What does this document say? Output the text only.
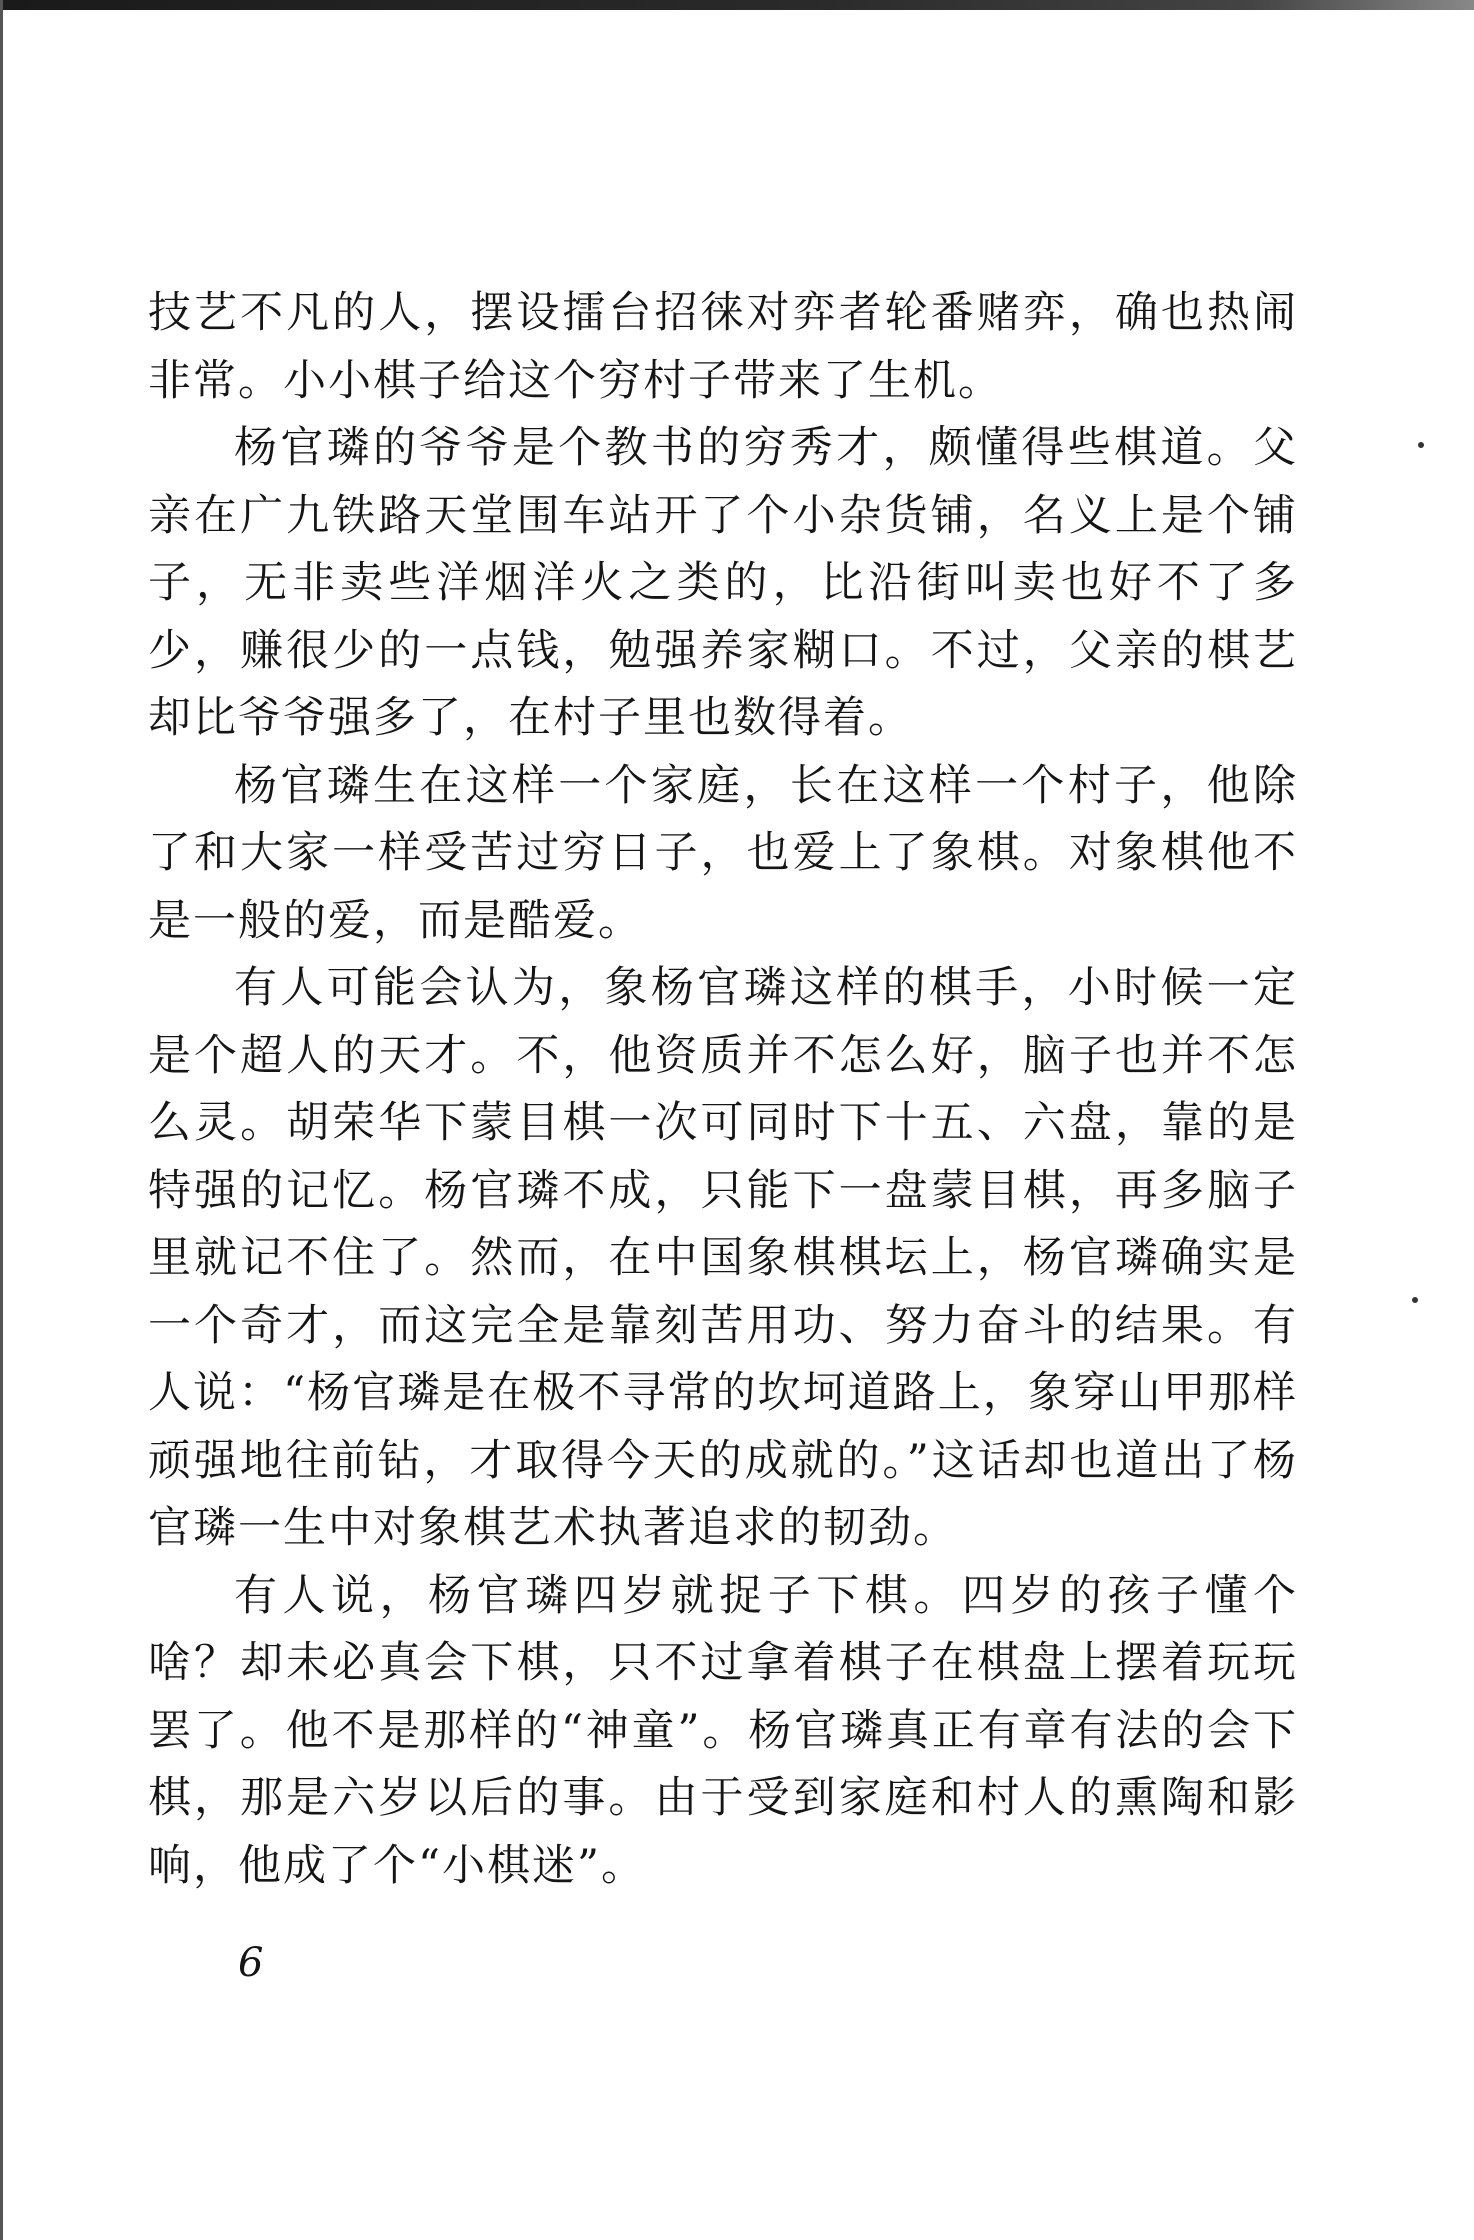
技艺不凡的人，摆设擂台招徕对弈者轮番赌弈，确也热闹非常。小小棋子给这个穷村子带来了生机。

杨官璘的爷爷是个教书的穷秀才，颇懂得些棋道。父亲在广九铁路天堂围车站开了个小杂货铺，名义上是个铺子，无非卖些洋烟洋火之类的，比沿街叫卖也好不了多少，赚很少的一点钱，勉强养家糊口。不过，父亲的棋艺却比爷爷强多了，在村子里也数得着。

杨官璘生在这样一个家庭，长在这样一个村子，他除了和大家一样受苦过穷日子，也爱上了象棋。对象棋他不是一般的爱，而是酷爱。

有人可能会认为，象杨官璘这样的棋手，小时候一定是个超人的天才。不，他资质并不怎么好，脑子也并不怎么灵。胡荣华下蒙目棋一次可同时下十五、六盘，靠的是特强的记忆。杨官璘不成，只能下一盘蒙目棋，再多脑子里就记不住了。然而，在中国象棋棋坛上，杨官璘确实是一个奇才，而这完全是靠刻苦用功、努力奋斗的结果。有人说：“杨官璘是在极不寻常的坎坷道路上，象穿山甲那样顽强地往前钻，才取得今天的成就的。”这话却也道出了杨官璘一生中对象棋艺术执著追求的韧劲。

有人说，杨官璘四岁就捉子下棋。四岁的孩子懂个啥？却未必真会下棋，只不过拿着棋子在棋盘上摆着玩玩罢了。他不是那样的“神童”。杨官璘真正有章有法的会下棋，那是六岁以后的事。由于受到家庭和村人的熏陶和影响，他成了个“小棋迷”。

6
